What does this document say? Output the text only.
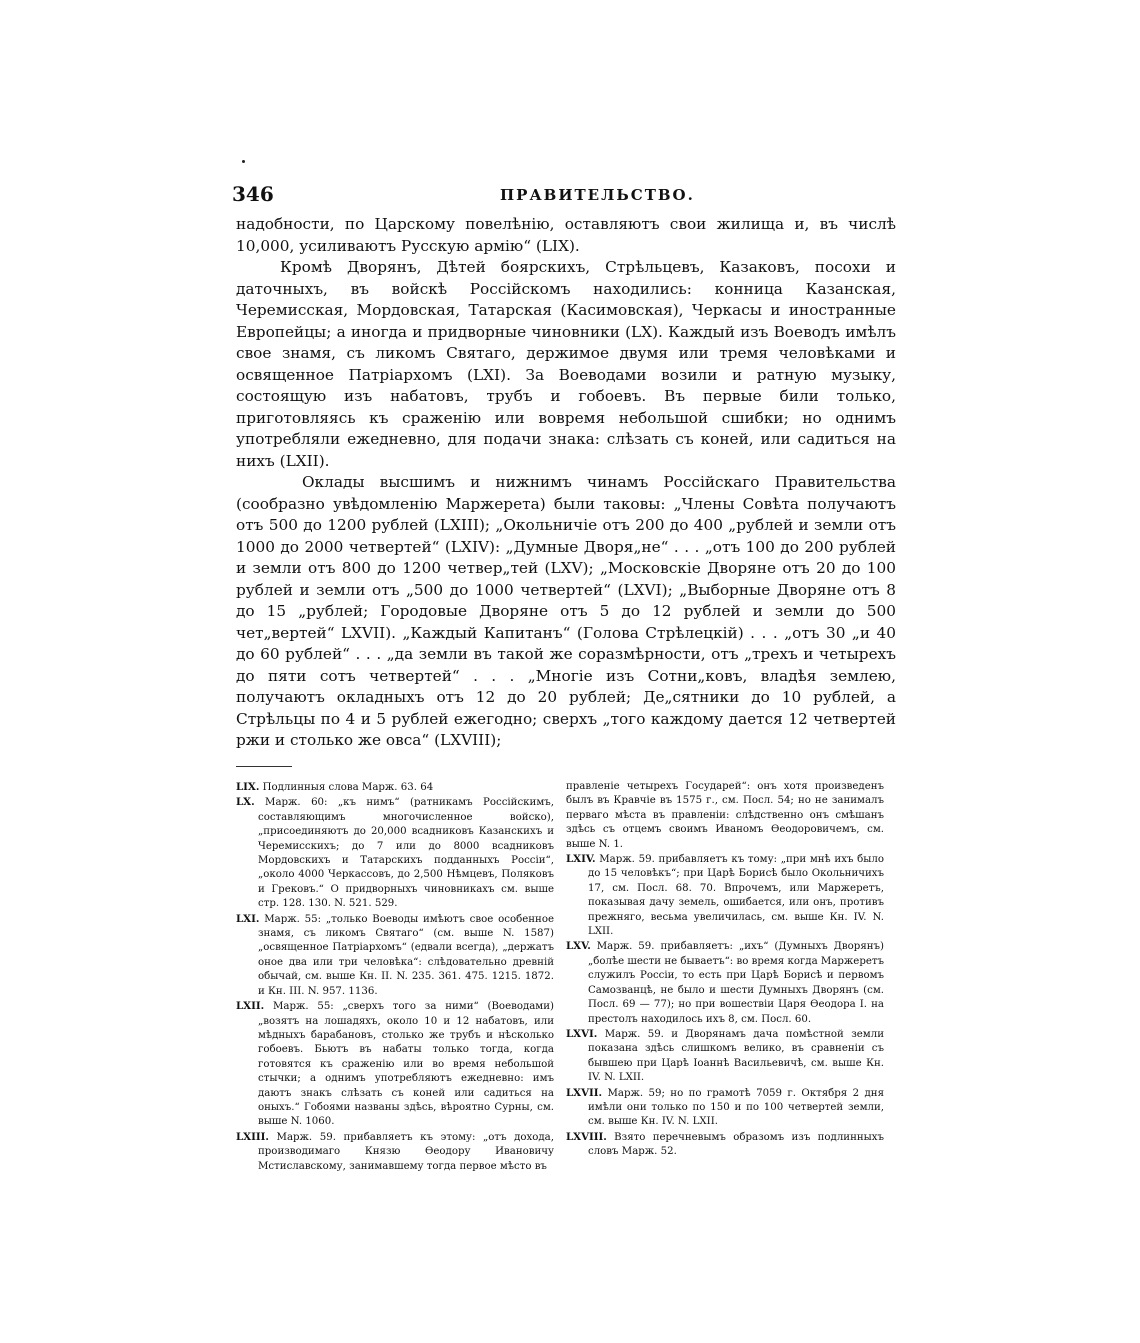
346	ПРАВИТЕЛЬСТВО.

надобности, по Царскому повелѣнію, оставляютъ свои жилища и, въ числѣ 10,000, усиливаютъ Русскую армію“ (LIX).

Кромѣ Дворянъ, Дѣтей боярскихъ, Стрѣльцевъ, Казаковъ, посохи и даточныхъ, въ войскѣ Россійскомъ находились: конница Казанская, Черемисская, Мордовская, Татарская (Касимовская), Черкасы и иностранные Европейцы; а иногда и придворные чиновники (LX). Каждый изъ Воеводъ имѣлъ свое знамя, съ ликомъ Святаго, держимое двумя или тремя человѣками и освященное Патріархомъ (LXI). За Воеводами возили и ратную музыку, состоящую изъ набатовъ, трубъ и гобоевъ. Въ первые били только, приготовляясь къ сраженію или вовремя небольшой сшибки; но однимъ употребляли ежедневно, для подачи знака: слѣзать съ коней, или садиться на нихъ (LXII).

Оклады высшимъ и нижнимъ чинамъ Россійскаго Правительства (сообразно увѣдомленію Маржерета) были таковы: „Члены Совѣта получаютъ отъ 500 до 1200 рублей (LXIII); „Окольничіе отъ 200 до 400 „рублей и земли отъ 1000 до 2000 четвертей“ (LXIV): „Думные Дворя„не“ . . . „отъ 100 до 200 рублей и земли отъ 800 до 1200 четвер„тей (LXV); „Московскіе Дворяне отъ 20 до 100 рублей и земли отъ „500 до 1000 четвертей“ (LXVI); „Выборные Дворяне отъ 8 до 15 „рублей; Городовые Дворяне отъ 5 до 12 рублей и земли до 500 чет„вертей“ LXVII). „Каждый Капитанъ“ (Голова Стрѣлецкій) . . . „отъ 30 „и 40 до 60 рублей“ . . . „да земли въ такой же соразмѣрности, отъ „трехъ и четырехъ до пяти сотъ четвертей“ . . . „Многіе изъ Сотни„ковъ, владѣя землею, получаютъ окладныхъ отъ 12 до 20 рублей; Де„сятники до 10 рублей, а Стрѣльцы по 4 и 5 рублей ежегодно; сверхъ „того каждому дается 12 четвертей ржи и столько же овса“ (LXVIII);

LIX. Подлинныя слова Марж. 63. 64

LX. Марж. 60: „къ нимъ“ (ратникамъ Россійскимъ, составляющимъ многочисленное войско), „присоединяютъ до 20,000 всадниковъ Казанскихъ и Черемисскихъ; до 7 или до 8000 всадниковъ Мордовскихъ и Татарскихъ подданныхъ Россіи“, „около 4000 Черкассовъ, до 2,500 Нѣмцевъ, Поляковъ и Грековъ.“ О придворныхъ чиновникахъ см. выше стр. 128. 130. N. 521. 529.

LXI. Марж. 55: „только Воеводы имѣютъ свое особенное знамя, съ ликомъ Святаго“ (см. выше N. 1587) „освященное Патріархомъ“ (едвали всегда), „держатъ оное два или три человѣка“: слѣдовательно древній обычай, см. выше Кн. II. N. 235. 361. 475. 1215. 1872. и Кн. III. N. 957. 1136.

LXII. Марж. 55: „сверхъ того за ними“ (Воеводами) „возятъ на лошадяхъ, около 10 и 12 набатовъ, или мѣдныхъ барабановъ, столько же трубъ и нѣсколько гобоевъ. Бьютъ въ набаты только тогда, когда готовятся къ сраженію или во время небольшой стычки; а однимъ употребляютъ ежедневно: имъ даютъ знакъ слѣзать съ коней или садиться на оныхъ.“ Гобоями названы здѣсь, вѣроятно Сурны, см. выше N. 1060.

LXIII. Марж. 59. прибавляетъ къ этому: „отъ дохода, производимаго Князю Ѳеодору Ивановичу Мстиславскому, занимавшему тогда первое мѣсто въ

правленіе четырехъ Государей“: онъ хотя произведенъ былъ въ Кравчіе въ 1575 г., см. Посл. 54; но не занималъ перваго мѣста въ правленіи: слѣдственно онъ смѣшанъ здѣсь съ отцемъ своимъ Иваномъ Ѳеодоровичемъ, см. выше N. 1.

LXIV. Марж. 59. прибавляетъ къ тому: „при мнѣ ихъ было до 15 человѣкъ“; при Царѣ Борисѣ было Окольничихъ 17, см. Посл. 68. 70. Впрочемъ, или Маржеретъ, показывая дачу земель, ошибается, или онъ, противъ прежняго, весьма увеличилась, см. выше Кн. IV. N. LXII.

LXV. Марж. 59. прибавляетъ: „ихъ“ (Думныхъ Дворянъ) „болѣе шести не бываетъ“: во время когда Маржеретъ служилъ Россіи, то есть при Царѣ Борисѣ и первомъ Самозванцѣ, не было и шести Думныхъ Дворянъ (см. Посл. 69 — 77); но при вошествіи Царя Ѳеодора I. на престолъ находилось ихъ 8, см. Посл. 60.

LXVI. Марж. 59. и Дворянамъ дача помѣстной земли показана здѣсь слишкомъ велико, въ сравненіи съ бывшею при Царѣ Іоаннѣ Васильевичѣ, см. выше Кн. IV. N. LXII.

LXVII. Марж. 59; но по грамотѣ 7059 г. Октября 2 дня имѣли они только по 150 и по 100 четвертей земли, см. выше Кн. IV. N. LXII.

LXVIII. Взято перечневымъ образомъ изъ подлинныхъ словъ Марж. 52.
